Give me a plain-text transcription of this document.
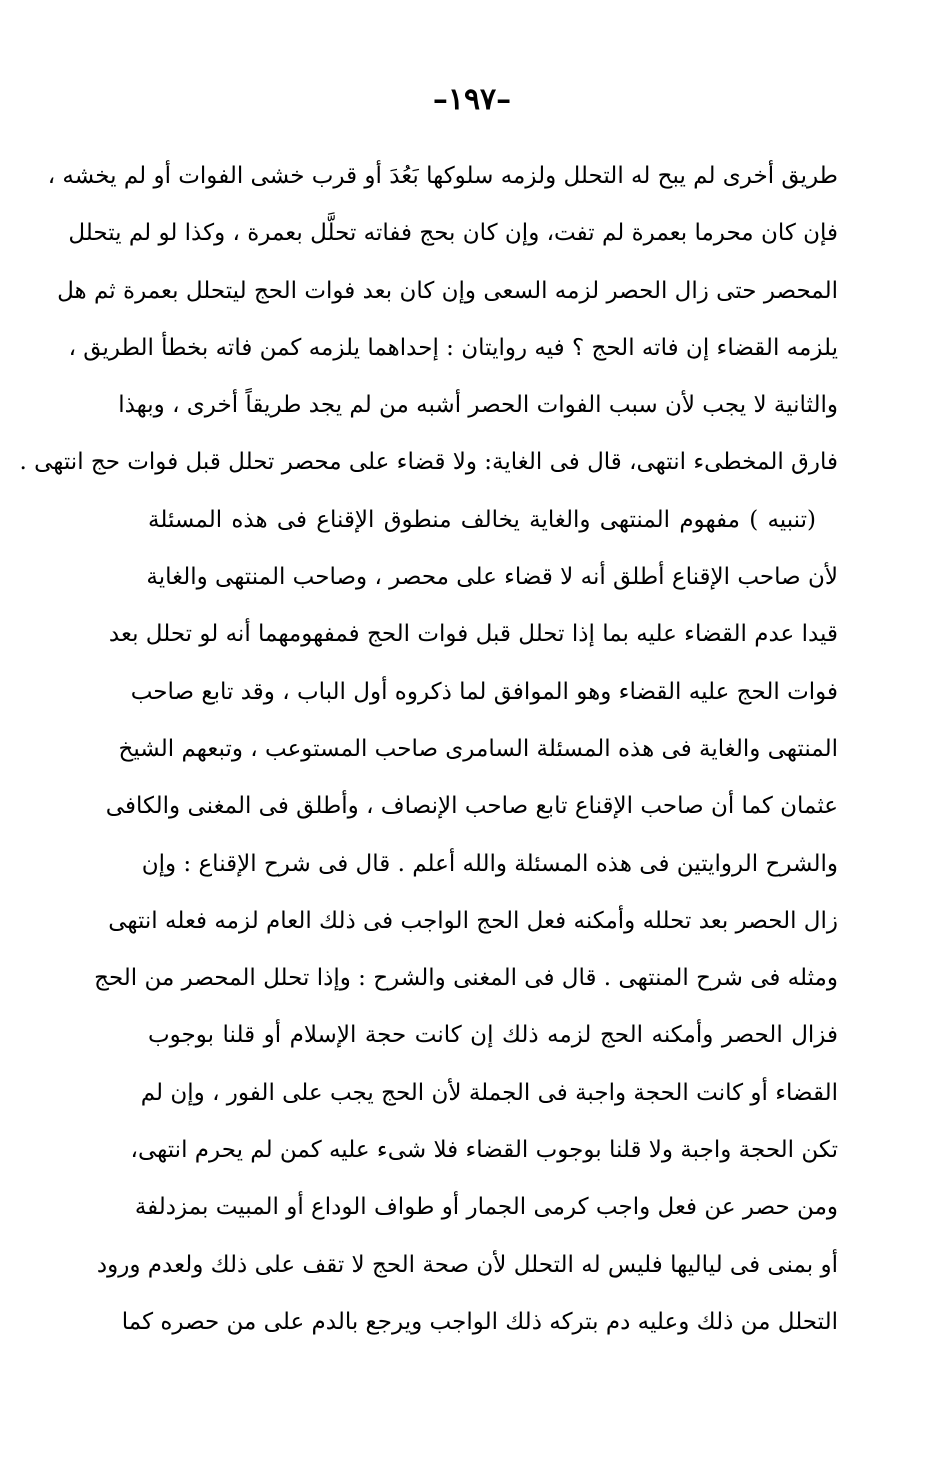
–١٩٧–
طريق أخرى لم يبح له التحلل ولزمه سلوكها بَعُدَ أو قرب خشى الفوات أو لم يخشه ،
فإن كان محرما بعمرة لم تفت، وإن كان بحج ففاته تحلَّل بعمرة ، وكذا لو لم يتحلل
المحصر حتى زال الحصر لزمه السعى وإن كان بعد فوات الحج ليتحلل بعمرة ثم هل
يلزمه القضاء إن فاته الحج ؟ فيه روايتان : إحداهما يلزمه كمن فاته بخطأ الطريق ،
والثانية لا يجب لأن سبب الفوات الحصر أشبه من لم يجد طريقاً أخرى ، وبهذا
فارق المخطىء انتهى، قال فى الغاية: ولا قضاء على محصر تحلل قبل فوات حج انتهى .
(تنبيه ) مفهوم المنتهى والغاية يخالف منطوق الإقناع فى هذه المسئلة
لأن صاحب الإقناع أطلق أنه لا قضاء على محصر ، وصاحب المنتهى والغاية
قيدا عدم القضاء عليه بما إذا تحلل قبل فوات الحج فمفهومهما أنه لو تحلل بعد
فوات الحج عليه القضاء وهو الموافق لما ذكروه أول الباب ، وقد تابع صاحب
المنتهى والغاية فى هذه المسئلة السامرى صاحب المستوعب ، وتبعهم الشيخ
عثمان كما أن صاحب الإقناع تابع صاحب الإنصاف ، وأطلق فى المغنى والكافى
والشرح الروايتين فى هذه المسئلة والله أعلم . قال فى شرح الإقناع : وإن
زال الحصر بعد تحلله وأمكنه فعل الحج الواجب فى ذلك العام لزمه فعله انتهى
ومثله فى شرح المنتهى . قال فى المغنى والشرح : وإذا تحلل المحصر من الحج
فزال الحصر وأمكنه الحج لزمه ذلك إن كانت حجة الإسلام أو قلنا بوجوب
القضاء أو كانت الحجة واجبة فى الجملة لأن الحج يجب على الفور ، وإن لم
تكن الحجة واجبة ولا قلنا بوجوب القضاء فلا شىء عليه كمن لم يحرم انتهى،
ومن حصر عن فعل واجب كرمى الجمار أو طواف الوداع أو المبيت بمزدلفة
أو بمنى فى لياليها فليس له التحلل لأن صحة الحج لا تقف على ذلك ولعدم ورود
التحلل من ذلك وعليه دم بتركه ذلك الواجب ويرجع بالدم على من حصره كما
